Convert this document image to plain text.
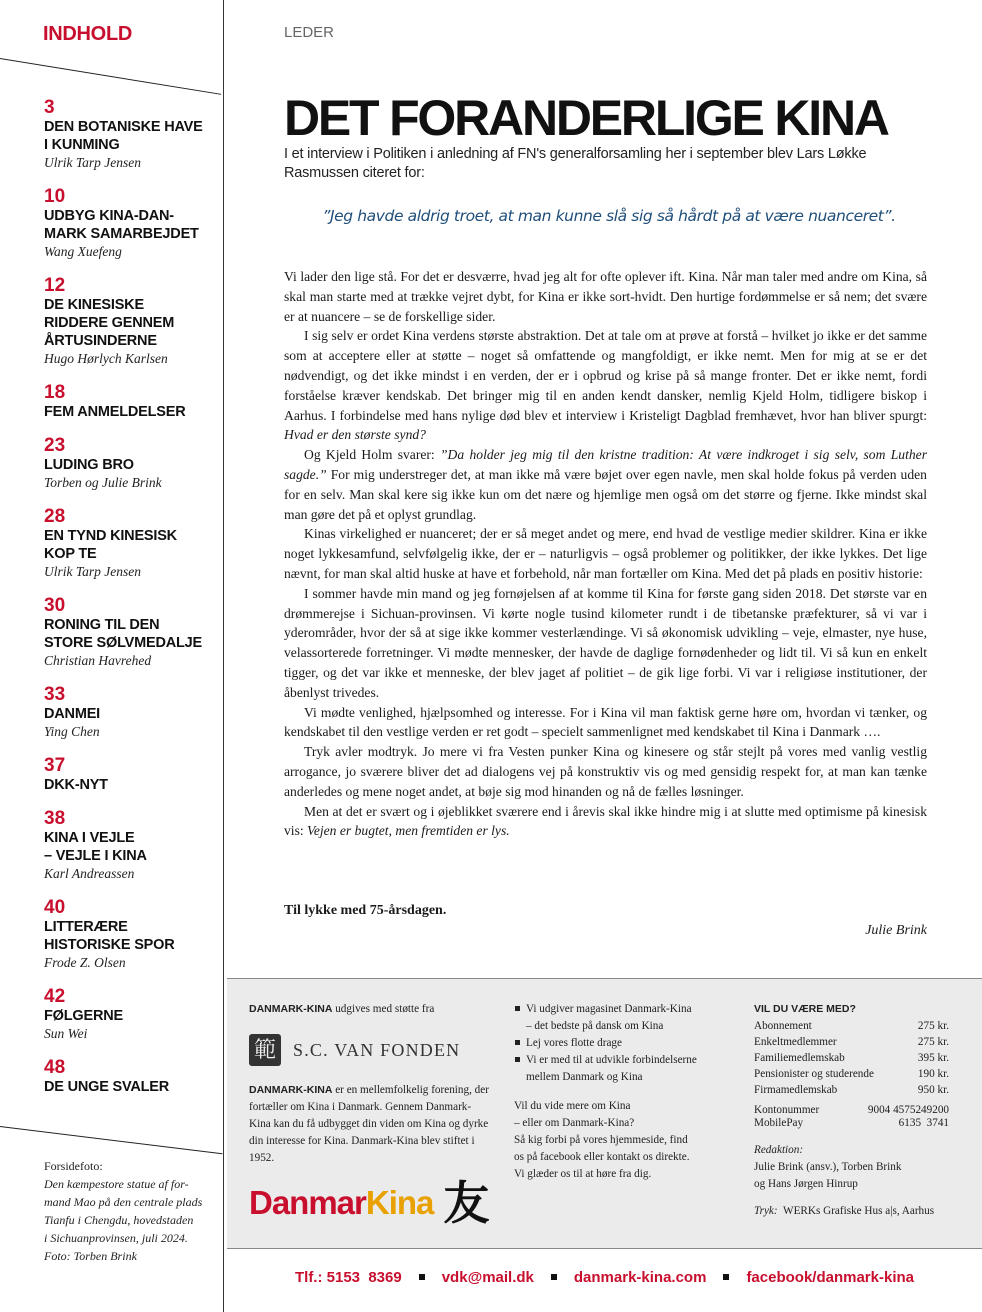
INDHOLD
3
DEN BOTANISKE HAVE
I KUNMING
Ulrik Tarp Jensen
10
UDBYG KINA-DAN-
MARK SAMARBEJDET
Wang Xuefeng
12
DE KINESISKE
RIDDERE GENNEM
ÅRTUSINDERNE
Hugo Hørlych Karlsen
18
FEM ANMELDELSER
23
LUDING BRO
Torben og Julie Brink
28
EN TYND KINESISK
KOP TE
Ulrik Tarp Jensen
30
RONING TIL DEN
STORE SØLVMEDALJE
Christian Havrehed
33
DANMEI
Ying Chen
37
DKK-NYT
38
KINA I VEJLE
– VEJLE I KINA
Karl Andreassen
40
LITTERÆRE
HISTORISKE SPOR
Frode Z. Olsen
42
FØLGERNE
Sun Wei
48
DE UNGE SVALER
Forsidefoto:
Den kæmpestore statue af for-
mand Mao på den centrale plads
Tianfu i Chengdu, hovedstaden
i Sichuanprovinsen, juli 2024.
Foto: Torben Brink
LEDER
DET FORANDERLIGE KINA
I et interview i Politiken i anledning af FN's generalforsamling her i september blev Lars Løkke Rasmussen citeret for:
”Jeg havde aldrig troet, at man kunne slå sig så hårdt på at være nuanceret”.

Vi lader den lige stå. For det er desværre, hvad jeg alt for ofte oplever ift. Kina. Når man taler med andre om Kina, så skal man starte med at trække vejret dybt, for Kina er ikke sort-hvidt. Den hurtige fordømmelse er så nem; det svære er at nuancere – se de forskellige sider.

I sig selv er ordet Kina verdens største abstraktion. Det at tale om at prøve at forstå – hvilket jo ikke er det samme som at acceptere eller at støtte – noget så omfattende og mangfoldigt, er ikke nemt. Men for mig at se er det nødvendigt, og det ikke mindst i en verden, der er i opbrud og krise på så mange fronter. Det er ikke nemt, fordi forståelse kræver kendskab. Det bringer mig til en anden kendt dansker, nemlig Kjeld Holm, tidligere biskop i Aarhus. I forbindelse med hans nylige død blev et interview i Kristeligt Dagblad fremhævet, hvor han bliver spurgt: Hvad er den største synd?

Og Kjeld Holm svarer: ”Da holder jeg mig til den kristne tradition: At være indkroget i sig selv, som Luther sagde.” For mig understreger det, at man ikke må være bøjet over egen navle, men skal holde fokus på verden uden for en selv. Man skal kere sig ikke kun om det nære og hjemlige men også om det større og fjerne. Ikke mindst skal man gøre det på et oplyst grundlag.

Kinas virkelighed er nuanceret; der er så meget andet og mere, end hvad de vestlige medier skildrer. Kina er ikke noget lykkesamfund, selvfølgelig ikke, der er – naturligvis – også problemer og politikker, der ikke lykkes. Det lige nævnt, for man skal altid huske at have et forbehold, når man fortæller om Kina. Med det på plads en positiv historie:

I sommer havde min mand og jeg fornøjelsen af at komme til Kina for første gang siden 2018. Det største var en drømmerejse i Sichuan-provinsen. Vi kørte nogle tusind kilometer rundt i de tibetanske præfekturer, så vi var i yderområder, hvor der så at sige ikke kommer vesterlændinge. Vi så økonomisk udvikling – veje, elmaster, nye huse, velassorterede forretninger. Vi mødte mennesker, der havde de daglige fornødenheder og lidt til. Vi så kun en enkelt tigger, og det var ikke et menneske, der blev jaget af politiet – de gik lige forbi. Vi var i religiøse institutioner, der åbenlyst trivedes.

Vi mødte venlighed, hjælpsomhed og interesse. For i Kina vil man faktisk gerne høre om, hvordan vi tænker, og kendskabet til den vestlige verden er ret godt – specielt sammenlignet med kendskabet til Kina i Danmark ….

Tryk avler modtryk. Jo mere vi fra Vesten punker Kina og kinesere og står stejlt på vores med vanlig vestlig arrogance, jo sværere bliver det ad dialogens vej på konstruktiv vis og med gensidig respekt for, at man kan tænke anderledes og mene noget andet, at bøje sig mod hinanden og nå de fælles løsninger.

Men at det er svært og i øjeblikket sværere end i årevis skal ikke hindre mig i at slutte med optimisme på kinesisk vis: Vejen er bugtet, men fremtiden er lys.

Til lykke med 75-årsdagen.
Julie Brink
DANMARK-KINA udgives med støtte fra
範 S.C. VAN FONDEN
DANMARK-KINA er en mellemfolkelig forening, der fortæller om Kina i Danmark. Gennem Danmark-Kina kan du få udbygget din viden om Kina og dyrke din interesse for Kina. Danmark-Kina blev stiftet i 1952.
DanmarKina 友
Vi udgiver magasinet Danmark-Kina
– det bedste på dansk om Kina
Lej vores flotte drage
Vi er med til at udvikle forbindelserne
mellem Danmark og Kina
Vil du vide mere om Kina
– eller om Danmark-Kina?
Så kig forbi på vores hjemmeside, find
os på facebook eller kontakt os direkte.
Vi glæder os til at høre fra dig.
VIL DU VÆRE MED?
Abonnement	275 kr.
Enkeltmedlemmer	275 kr.
Familiemedlemskab	395 kr.
Pensionister og studerende	190 kr.
Firmamedlemskab	950 kr.
Kontonummer	9004 4575249200
MobilePay	6135  3741
Redaktion:
Julie Brink (ansv.), Torben Brink
og Hans Jørgen Hinrup
Tryk: WERKs Grafiske Hus a|s, Aarhus
Tlf.: 5153  8369	vdk@mail.dk	danmark-kina.com	facebook/danmark-kina
